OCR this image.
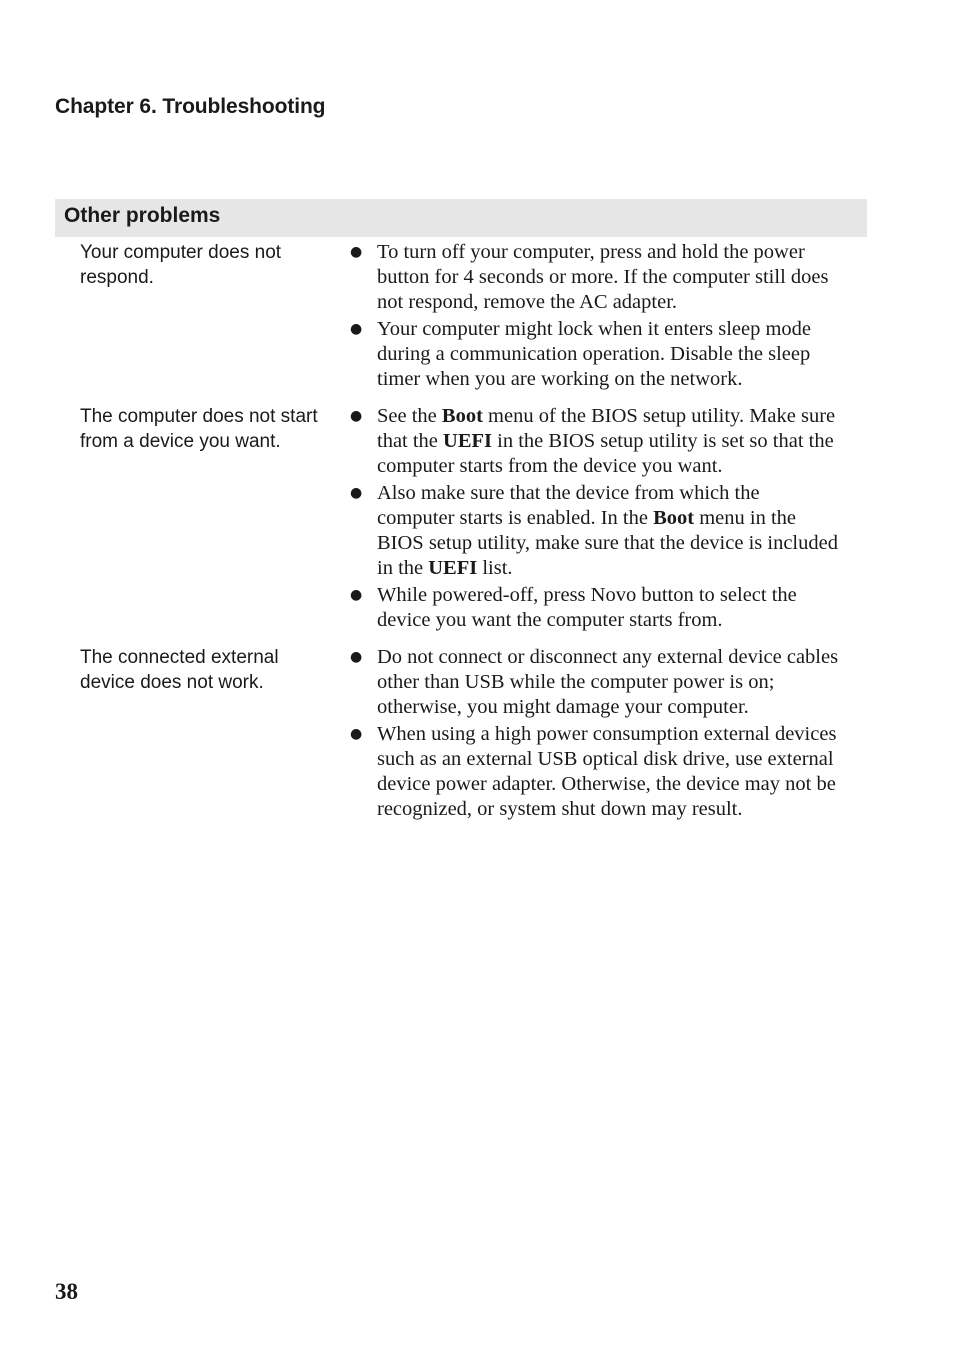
Chapter 6. Troubleshooting
Other problems
Your computer does not respond.
● To turn off your computer, press and hold the power button for 4 seconds or more. If the computer still does not respond, remove the AC adapter.
● Your computer might lock when it enters sleep mode during a communication operation. Disable the sleep timer when you are working on the network.
The computer does not start from a device you want.
● See the Boot menu of the BIOS setup utility. Make sure that the UEFI in the BIOS setup utility is set so that the computer starts from the device you want.
● Also make sure that the device from which the computer starts is enabled. In the Boot menu in the BIOS setup utility, make sure that the device is included in the UEFI list.
● While powered-off, press Novo button to select the device you want the computer starts from.
The connected external device does not work.
● Do not connect or disconnect any external device cables other than USB while the computer power is on; otherwise, you might damage your computer.
● When using a high power consumption external devices such as an external USB optical disk drive, use external device power adapter. Otherwise, the device may not be recognized, or system shut down may result.
38
